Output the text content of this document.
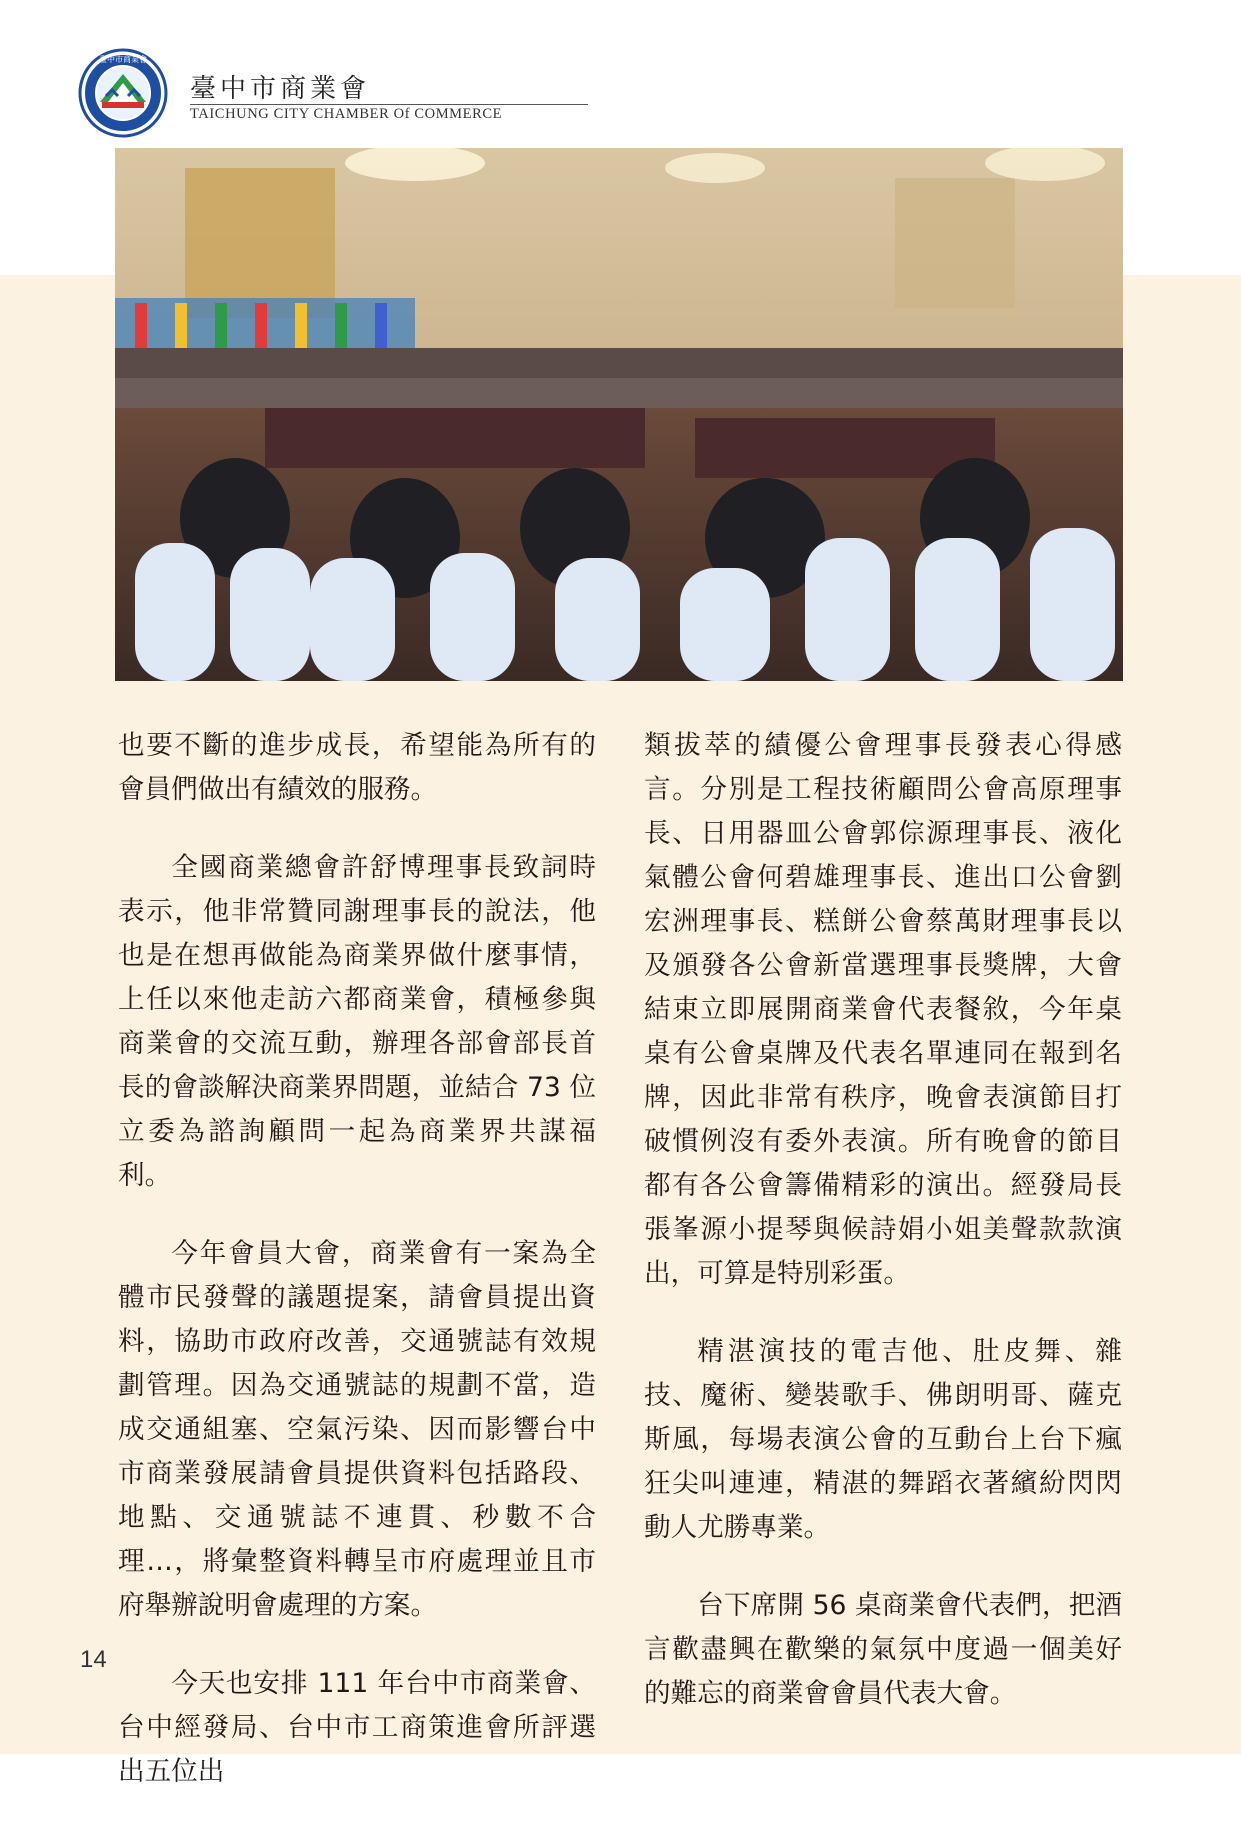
臺中市商業會
臺中市商業會
TAICHUNG CITY CHAMBER Of COMMERCE

也要不斷的進步成長，希望能為所有的會員們做出有績效的服務。

全國商業總會許舒博理事長致詞時表示，他非常贊同謝理事長的說法，他也是在想再做能為商業界做什麼事情，上任以來他走訪六都商業會，積極參與商業會的交流互動，辦理各部會部長首長的會談解決商業界問題，並結合 73 位立委為諮詢顧問一起為商業界共謀福利。

今年會員大會，商業會有一案為全體市民發聲的議題提案，請會員提出資料，協助市政府改善，交通號誌有效規劃管理。因為交通號誌的規劃不當，造成交通組塞、空氣污染、因而影響台中市商業發展請會員提供資料包括路段、地點、交通號誌不連貫、秒數不合理…，將彙整資料轉呈市府處理並且市府舉辦說明會處理的方案。

今天也安排 111 年台中市商業會、台中經發局、台中市工商策進會所評選出五位出

類拔萃的績優公會理事長發表心得感言。分別是工程技術顧問公會高原理事長、日用器皿公會郭倧源理事長、液化氣體公會何碧雄理事長、進出口公會劉宏洲理事長、糕餅公會蔡萬財理事長以及頒發各公會新當選理事長獎牌，大會結束立即展開商業會代表餐敘，今年桌桌有公會桌牌及代表名單連同在報到名牌，因此非常有秩序，晚會表演節目打破慣例沒有委外表演。所有晚會的節目都有各公會籌備精彩的演出。經發局長張峯源小提琴與候詩娟小姐美聲款款演出，可算是特別彩蛋。

精湛演技的電吉他、肚皮舞、雜技、魔術、變裝歌手、佛朗明哥、薩克斯風，每場表演公會的互動台上台下瘋狂尖叫連連，精湛的舞蹈衣著繽紛閃閃動人尤勝專業。

台下席開 56 桌商業會代表們，把酒言歡盡興在歡樂的氣氛中度過一個美好的難忘的商業會會員代表大會。

14
